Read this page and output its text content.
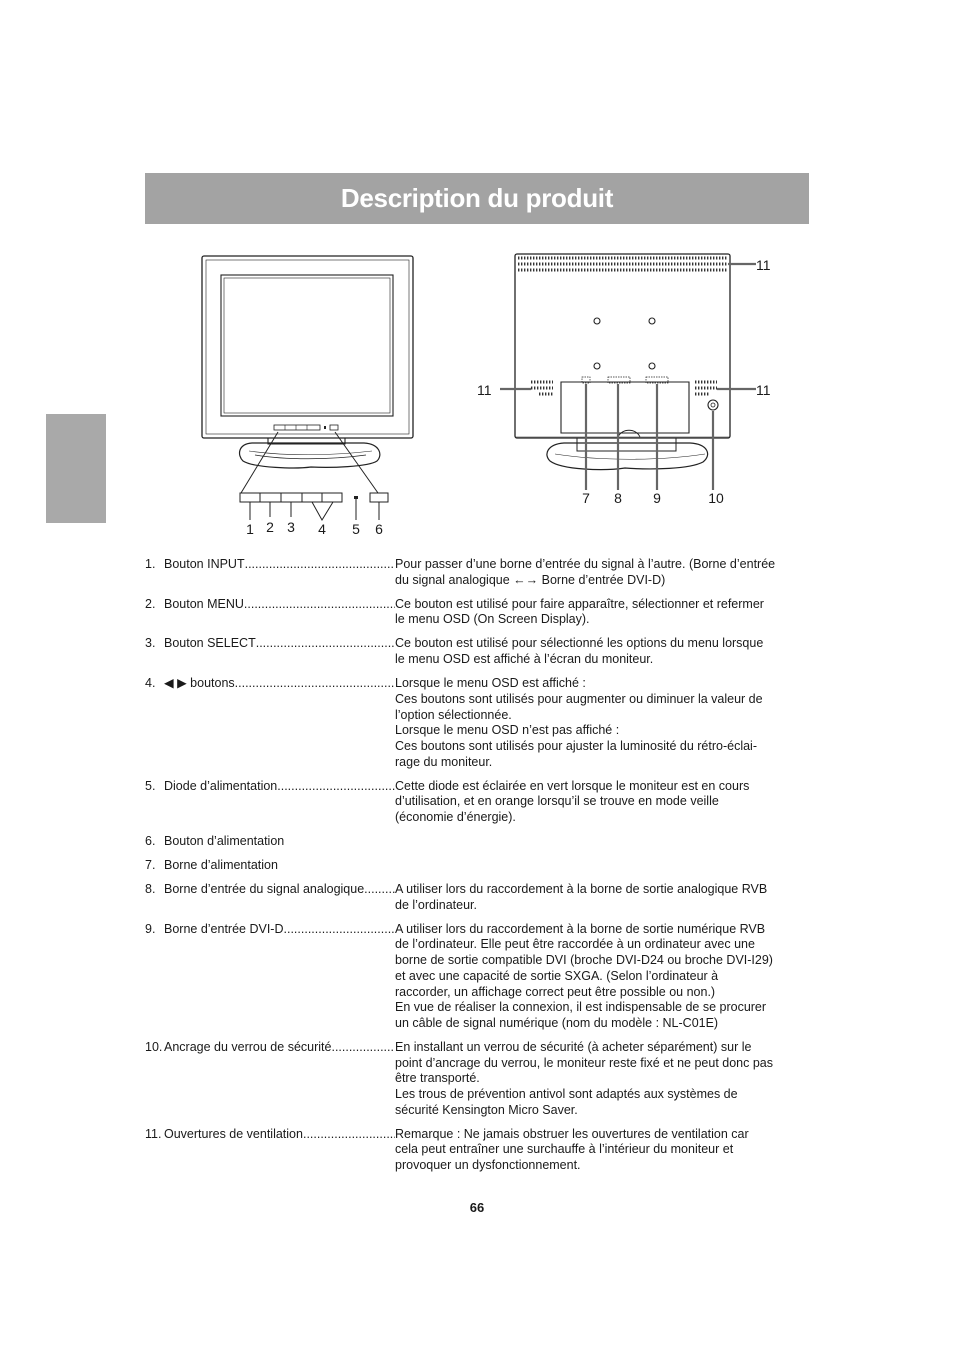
Description du produit
1 2 3 4 5 6
7 8 9	10
11
11	11
1. Bouton INPUT .....	Pour passer d’une borne d’entrée du signal à l’autre. (Borne d’entrée
du signal analogique ←→ Borne d’entrée DVI-D)
2. Bouton MENU .....	Ce bouton est utilisé pour faire apparaître, sélectionner et refermer
le menu OSD (On Screen Display).
3. Bouton SELECT .....	Ce bouton est utilisé pour sélectionné les options du menu lorsque
le menu OSD est affiché à l’écran du moniteur.
4. ◀ ▶ boutons .....	Lorsque le menu OSD est affiché :
Ces boutons sont utilisés pour augmenter ou diminuer la valeur de
l’option sélectionnée.
Lorsque le menu OSD n’est pas affiché :
Ces boutons sont utilisés pour ajuster la luminosité du rétro-éclai-
rage du moniteur.
5. Diode d’alimentation .....	Cette diode est éclairée en vert lorsque le moniteur est en cours
d’utilisation, et en orange lorsqu’il se trouve en mode veille
(économie d’énergie).
6. Bouton d’alimentation
7. Borne d’alimentation
8. Borne d’entrée du signal analogique ..... A utiliser lors du raccordement à la borne de sortie analogique RVB
de l’ordinateur.
9. Borne d’entrée DVI-D .....	A utiliser lors du raccordement à la borne de sortie numérique RVB
de l’ordinateur. Elle peut être raccordée à un ordinateur avec une
borne de sortie compatible DVI (broche DVI-D24 ou broche DVI-I29)
et avec une capacité de sortie SXGA. (Selon l’ordinateur à
raccorder, un affichage correct peut être possible ou non.)
En vue de réaliser la connexion, il est indispensable de se procurer
un câble de signal numérique (nom du modèle : NL-C01E)
10. Ancrage du verrou de sécurité .....	En installant un verrou de sécurité (à acheter séparément) sur le
point d’ancrage du verrou, le moniteur reste fixé et ne peut donc pas
être transporté.
Les trous de prévention antivol sont adaptés aux systèmes de
sécurité Kensington Micro Saver.
11. Ouvertures de ventilation .....	Remarque : Ne jamais obstruer les ouvertures de ventilation car
cela peut entraîner une surchauffe à l’intérieur du moniteur et
provoquer un dysfonctionnement.
66
